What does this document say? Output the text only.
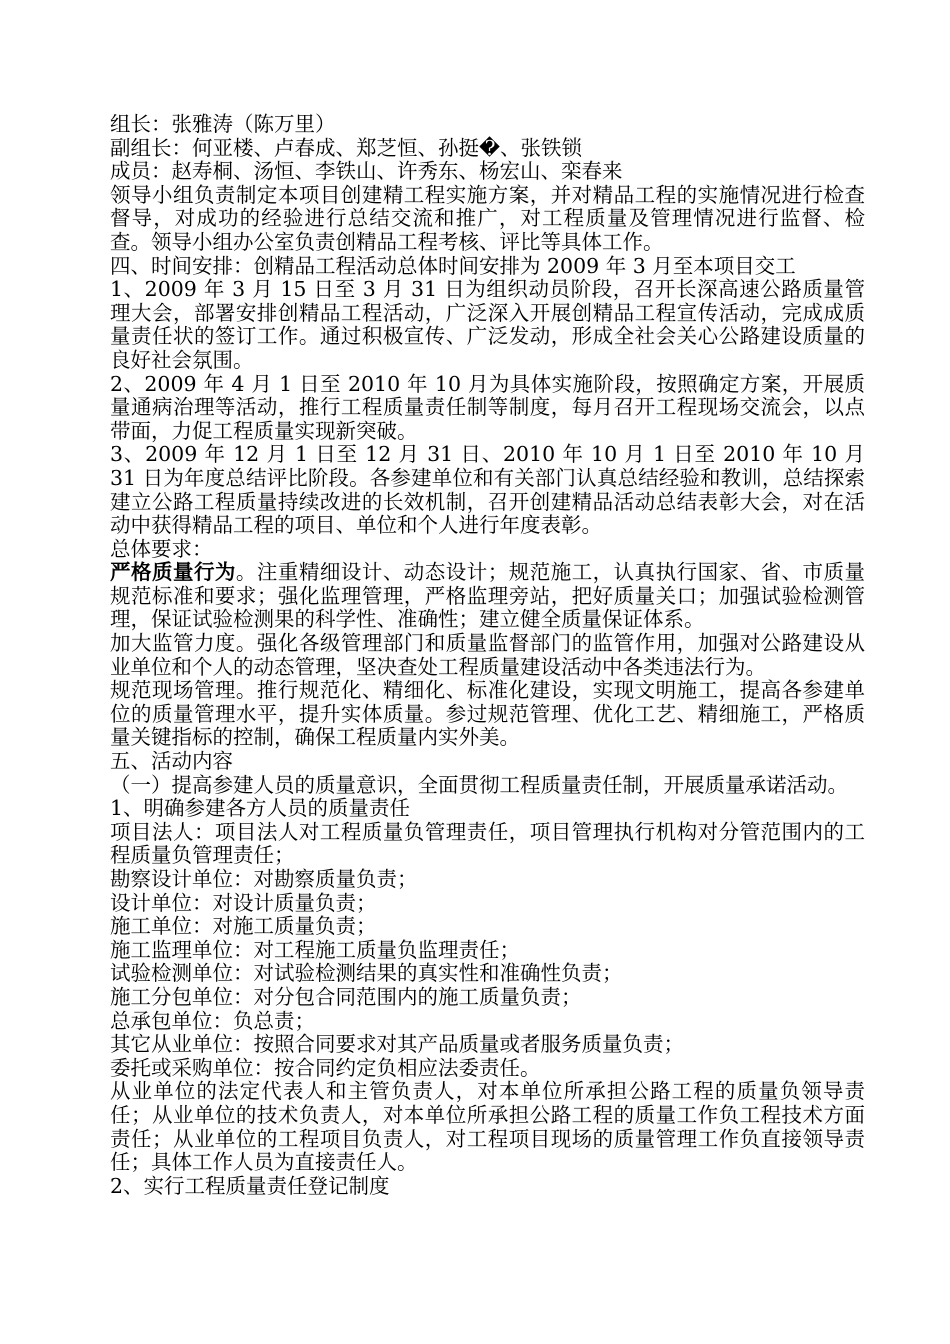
组长：张雅涛（陈万里）

副组长：何亚楼、卢春成、郑芝恒、孙挺�、张铁锁

成员：赵寿桐、汤恒、李铁山、许秀东、杨宏山、栾春来

领导小组负责制定本项目创建精工程实施方案，并对精品工程的实施情况进行检查督导，对成功的经验进行总结交流和推广，对工程质量及管理情况进行监督、检查。领导小组办公室负责创精品工程考核、评比等具体工作。

四、时间安排：创精品工程活动总体时间安排为 2009 年 3 月至本项目交工

1、2009 年 3 月 15 日至 3 月 31 日为组织动员阶段，召开长深高速公路质量管理大会，部署安排创精品工程活动，广泛深入开展创精品工程宣传活动，完成成质量责任状的签订工作。通过积极宣传、广泛发动，形成全社会关心公路建设质量的良好社会氛围。

2、2009 年 4 月 1 日至 2010 年 10 月为具体实施阶段，按照确定方案，开展质量通病治理等活动，推行工程质量责任制等制度，每月召开工程现场交流会，以点带面，力促工程质量实现新突破。

3、2009 年 12 月 1 日至 12 月 31 日、2010 年 10 月 1 日至 2010 年 10 月 31 日为年度总结评比阶段。各参建单位和有关部门认真总结经验和教训，总结探索建立公路工程质量持续改进的长效机制，召开创建精品活动总结表彰大会，对在活动中获得精品工程的项目、单位和个人进行年度表彰。

总体要求：

严格质量行为。注重精细设计、动态设计；规范施工，认真执行国家、省、市质量规范标准和要求；强化监理管理，严格监理旁站，把好质量关口；加强试验检测管理，保证试验检测果的科学性、准确性；建立健全质量保证体系。

加大监管力度。强化各级管理部门和质量监督部门的监管作用，加强对公路建设从业单位和个人的动态管理，坚决查处工程质量建设活动中各类违法行为。

规范现场管理。推行规范化、精细化、标准化建设，实现文明施工，提高各参建单位的质量管理水平，提升实体质量。参过规范管理、优化工艺、精细施工，严格质量关键指标的控制，确保工程质量内实外美。

五、活动内容

（一）提高参建人员的质量意识，全面贯彻工程质量责任制，开展质量承诺活动。

1、明确参建各方人员的质量责任

项目法人：项目法人对工程质量负管理责任，项目管理执行机构对分管范围内的工程质量负管理责任；

勘察设计单位：对勘察质量负责；

设计单位：对设计质量负责；

施工单位：对施工质量负责；

施工监理单位：对工程施工质量负监理责任；

试验检测单位：对试验检测结果的真实性和准确性负责；

施工分包单位：对分包合同范围内的施工质量负责；

总承包单位：负总责；

其它从业单位：按照合同要求对其产品质量或者服务质量负责；

委托或采购单位：按合同约定负相应法委责任。

从业单位的法定代表人和主管负责人，对本单位所承担公路工程的质量负领导责任；从业单位的技术负责人，对本单位所承担公路工程的质量工作负工程技术方面责任；从业单位的工程项目负责人，对工程项目现场的质量管理工作负直接领导责任；具体工作人员为直接责任人。

2、实行工程质量责任登记制度
